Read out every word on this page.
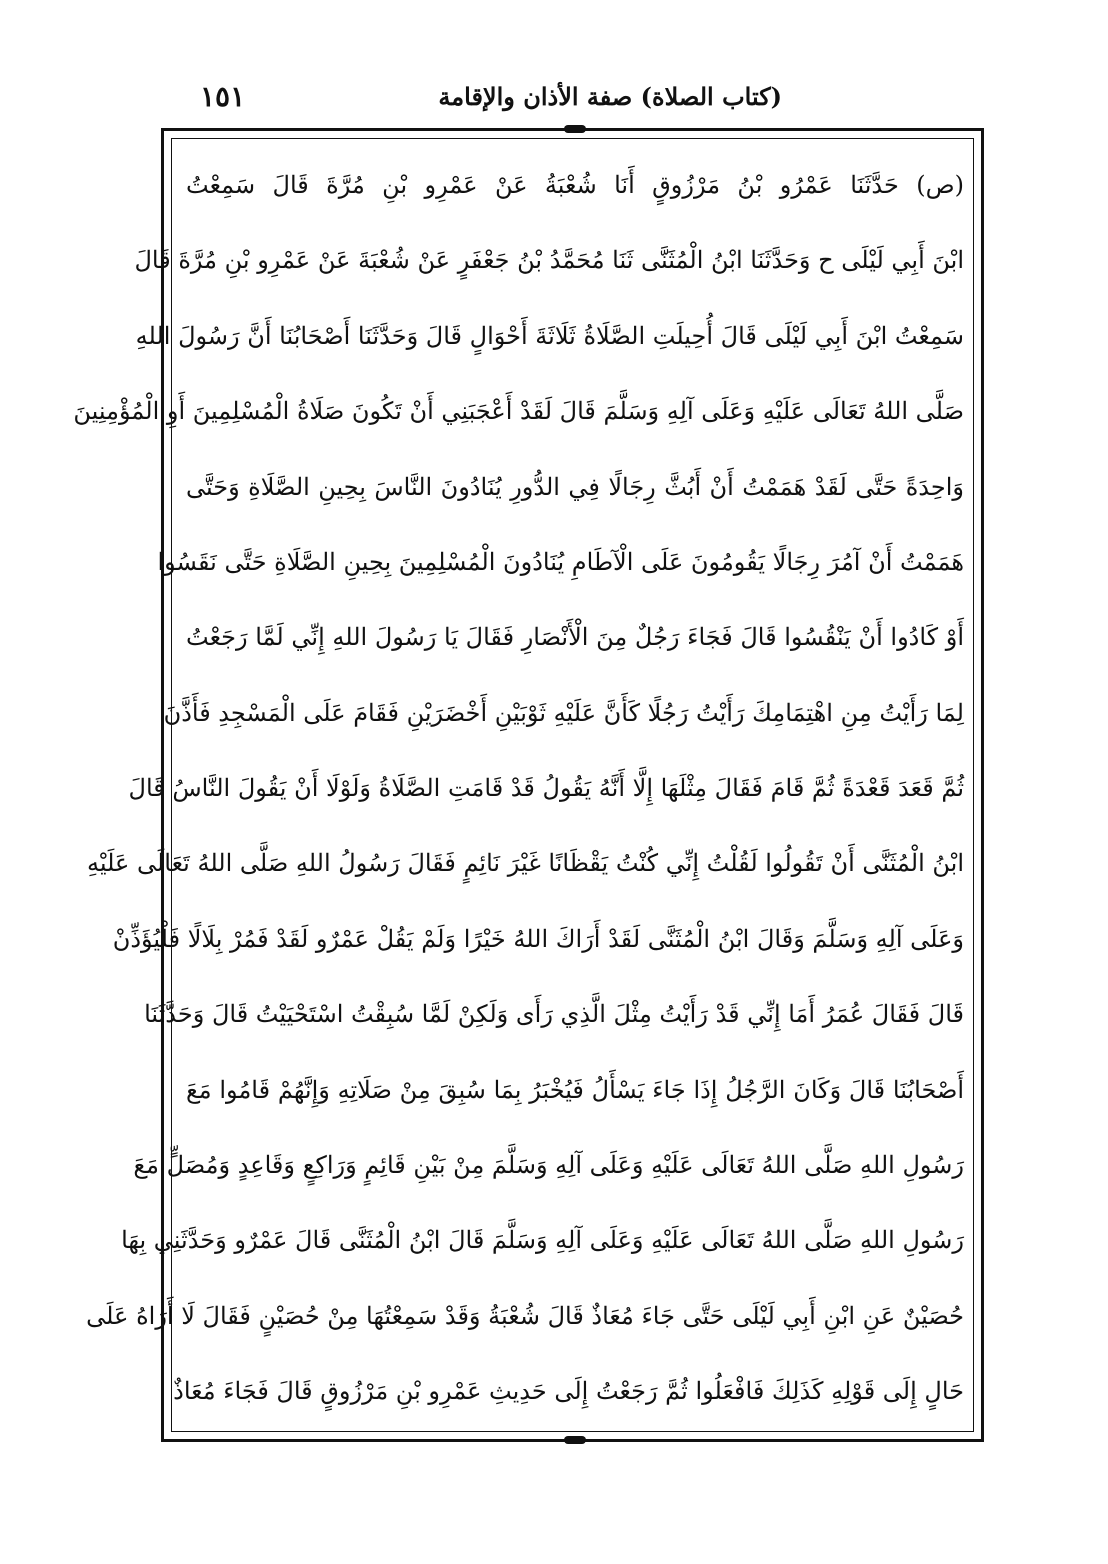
(كتاب الصلاة) صفة الأذان والإقامة
١٥١
(ص) حَدَّثَنَا عَمْرُو بْنُ مَرْزُوقٍ أَنَا شُعْبَةُ عَنْ عَمْرِو بْنِ مُرَّةَ قَالَ سَمِعْتُ
ابْنَ أَبِي لَيْلَى ح وَحَدَّثَنَا ابْنُ الْمُثَنَّى ثَنَا مُحَمَّدُ بْنُ جَعْفَرٍ عَنْ شُعْبَةَ عَنْ عَمْرِو بْنِ مُرَّةَ قَالَ
سَمِعْتُ ابْنَ أَبِي لَيْلَى قَالَ أُحِيلَتِ الصَّلَاةُ ثَلَاثَةَ أَحْوَالٍ قَالَ وَحَدَّثَنَا أَصْحَابُنَا أَنَّ رَسُولَ اللهِ
صَلَّى اللهُ تَعَالَى عَلَيْهِ وَعَلَى آلِهِ وَسَلَّمَ قَالَ لَقَدْ أَعْجَبَنِي أَنْ تَكُونَ صَلَاةُ الْمُسْلِمِينَ أَوِ الْمُؤْمِنِينَ
وَاحِدَةً حَتَّى لَقَدْ هَمَمْتُ أَنْ أَبُثَّ رِجَالًا فِي الدُّورِ يُنَادُونَ النَّاسَ بِحِينِ الصَّلَاةِ وَحَتَّى
هَمَمْتُ أَنْ آمُرَ رِجَالًا يَقُومُونَ عَلَى الْآطَامِ يُنَادُونَ الْمُسْلِمِينَ بِحِينِ الصَّلَاةِ حَتَّى نَقَسُوا
أَوْ كَادُوا أَنْ يَنْقُسُوا قَالَ فَجَاءَ رَجُلٌ مِنَ الْأَنْصَارِ فَقَالَ يَا رَسُولَ اللهِ إِنِّي لَمَّا رَجَعْتُ
لِمَا رَأَيْتُ مِنِ اهْتِمَامِكَ رَأَيْتُ رَجُلًا كَأَنَّ عَلَيْهِ ثَوْبَيْنِ أَخْضَرَيْنِ فَقَامَ عَلَى الْمَسْجِدِ فَأَذَّنَ
ثُمَّ قَعَدَ قَعْدَةً ثُمَّ قَامَ فَقَالَ مِثْلَهَا إِلَّا أَنَّهُ يَقُولُ قَدْ قَامَتِ الصَّلَاةُ وَلَوْلَا أَنْ يَقُولَ النَّاسُ قَالَ
ابْنُ الْمُثَنَّى أَنْ تَقُولُوا لَقُلْتُ إِنِّي كُنْتُ يَقْظَانًا غَيْرَ نَائِمٍ فَقَالَ رَسُولُ اللهِ صَلَّى اللهُ تَعَالَى عَلَيْهِ
وَعَلَى آلِهِ وَسَلَّمَ وَقَالَ ابْنُ الْمُثَنَّى لَقَدْ أَرَاكَ اللهُ خَيْرًا وَلَمْ يَقُلْ عَمْرٌو لَقَدْ فَمُرْ بِلَالًا فَلْيُؤَذِّنْ
قَالَ فَقَالَ عُمَرُ أَمَا إِنِّي قَدْ رَأَيْتُ مِثْلَ الَّذِي رَأَى وَلَكِنْ لَمَّا سُبِقْتُ اسْتَحْيَيْتُ قَالَ وَحَدَّثَنَا
أَصْحَابُنَا قَالَ وَكَانَ الرَّجُلُ إِذَا جَاءَ يَسْأَلُ فَيُخْبَرُ بِمَا سُبِقَ مِنْ صَلَاتِهِ وَإِنَّهُمْ قَامُوا مَعَ
رَسُولِ اللهِ صَلَّى اللهُ تَعَالَى عَلَيْهِ وَعَلَى آلِهِ وَسَلَّمَ مِنْ بَيْنِ قَائِمٍ وَرَاكِعٍ وَقَاعِدٍ وَمُصَلٍّ مَعَ
رَسُولِ اللهِ صَلَّى اللهُ تَعَالَى عَلَيْهِ وَعَلَى آلِهِ وَسَلَّمَ قَالَ ابْنُ الْمُثَنَّى قَالَ عَمْرٌو وَحَدَّثَنِي بِهَا
حُصَيْنٌ عَنِ ابْنِ أَبِي لَيْلَى حَتَّى جَاءَ مُعَاذٌ قَالَ شُعْبَةُ وَقَدْ سَمِعْتُهَا مِنْ حُصَيْنٍ فَقَالَ لَا أَرَاهُ عَلَى
حَالٍ إِلَى قَوْلِهِ كَذَلِكَ فَافْعَلُوا ثُمَّ رَجَعْتُ إِلَى حَدِيثِ عَمْرِو بْنِ مَرْزُوقٍ قَالَ فَجَاءَ مُعَاذٌ
